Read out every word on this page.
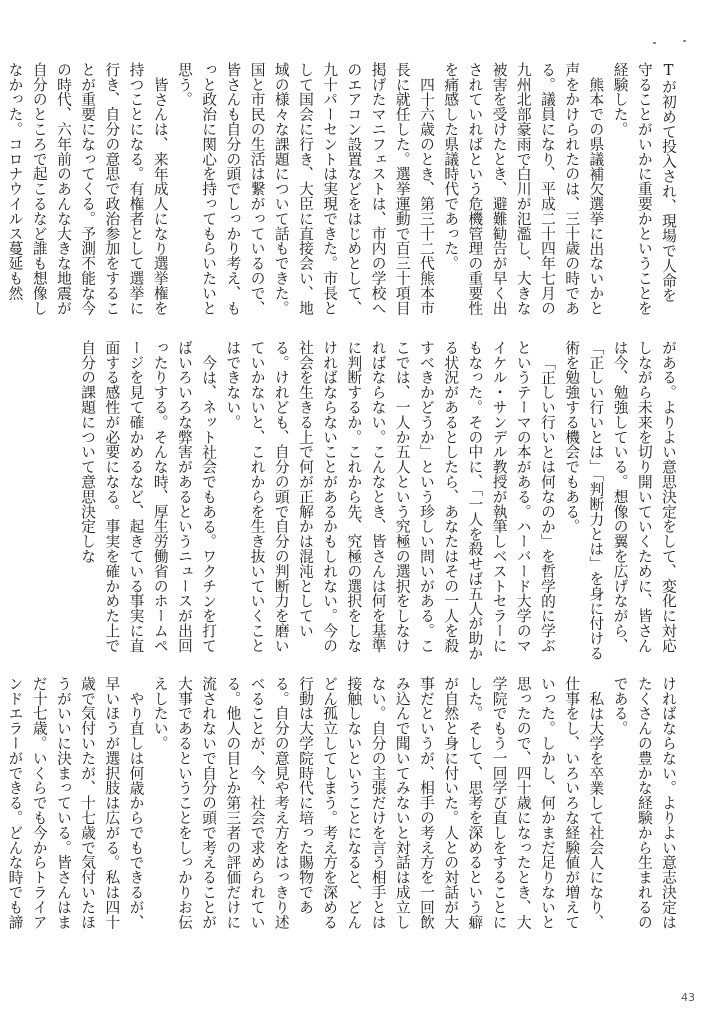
Tが初めて投入され、現場で人命を守ることがいかに重要かということを経験した。

熊本での県議補欠選挙に出ないかと声をかけられたのは、三十歳の時である。議員になり、平成二十四年七月の九州北部豪雨で白川が氾濫し、大きな被害を受けたとき、避難勧告が早く出されていればという危機管理の重要性を痛感した県議時代であった。

四十六歳のとき、第三十二代熊本市長に就任した。選挙運動で百三十項目掲げたマニフェストは、市内の学校へのエアコン設置などをはじめとして、九十パーセントは実現できた。市長として国会に行き、大臣に直接会い、地域の様々な課題について話もできた。国と市民の生活は繋がっているので、皆さんも自分の頭でしっかり考え、もっと政治に関心を持ってもらいたいと思う。

皆さんは、来年成人になり選挙権を持つことになる。有権者として選挙に行き、自分の意思で政治参加をすることが重要になってくる。予測不能な今の時代、六年前のあんな大きな地震が自分のところで起こるなど誰も想像しなかった。コロナウイルス蔓延も然

がある。よりよい意思決定をして、変化に対応しながら未来を切り開いていくために、皆さんは今、勉強している。想像の翼を広げながら、「正しい行いとは」「判断力とは」を身に付ける術を勉強する機会でもある。

「正しい行いとは何なのか」を哲学的に学ぶというテーマの本がある。ハーバード大学のマイケル・サンデル教授が執筆しベストセラーにもなった。その中に、「一人を殺せば五人が助かる状況があるとしたら、あなたはその一人を殺すべきかどうか」という珍しい問いがある。ここでは、一人か五人という究極の選択をしなければならない。こんなとき、皆さんは何を基準に判断するか。これから先、究極の選択をしなければならないことがあるかもしれない。今の社会を生きる上で何が正解かは混沌としている。けれども、自分の頭で自分の判断力を磨いていかないと、これからを生き抜いていくことはできない。

今は、ネット社会でもある。ワクチンを打てばいろいろな弊害があるというニュースが出回ったりする。そんな時、厚生労働省のホームページを見て確かめるなど、起きている事実に直面する感性が必要になる。事実を確かめた上で自分の課題について意思決定しな

ければならない。よりよい意志決定はたくさんの豊かな経験から生まれるのである。

私は大学を卒業して社会人になり、仕事をし、いろいろな経験値が増えていった。しかし、何かまだ足りないと思ったので、四十歳になったとき、大学院でもう一回学び直しをすることにした。そして、思考を深めるという癖が自然と身に付いた。人との対話が大事だというが、相手の考え方を一回飲み込んで聞いてみないと対話は成立しない。自分の主張だけを言う相手とは接触しないということになると、どんどん孤立してしまう。考え方を深める行動は大学院時代に培った賜物である。自分の意見や考え方をはっきり述べることが、今、社会で求められている。他人の目とか第三者の評価だけに流されないで自分の頭で考えることが大事であるということをしっかりお伝えしたい。

やり直しは何歳からでもできるが、早いほうが選択肢は広がる。私は四十歳で気付いたが、十七歳で気付いたほうがいいに決まっている。皆さんはまだ十七歳。いくらでも今からトライアンドエラーができる。どんな時でも諦

43
